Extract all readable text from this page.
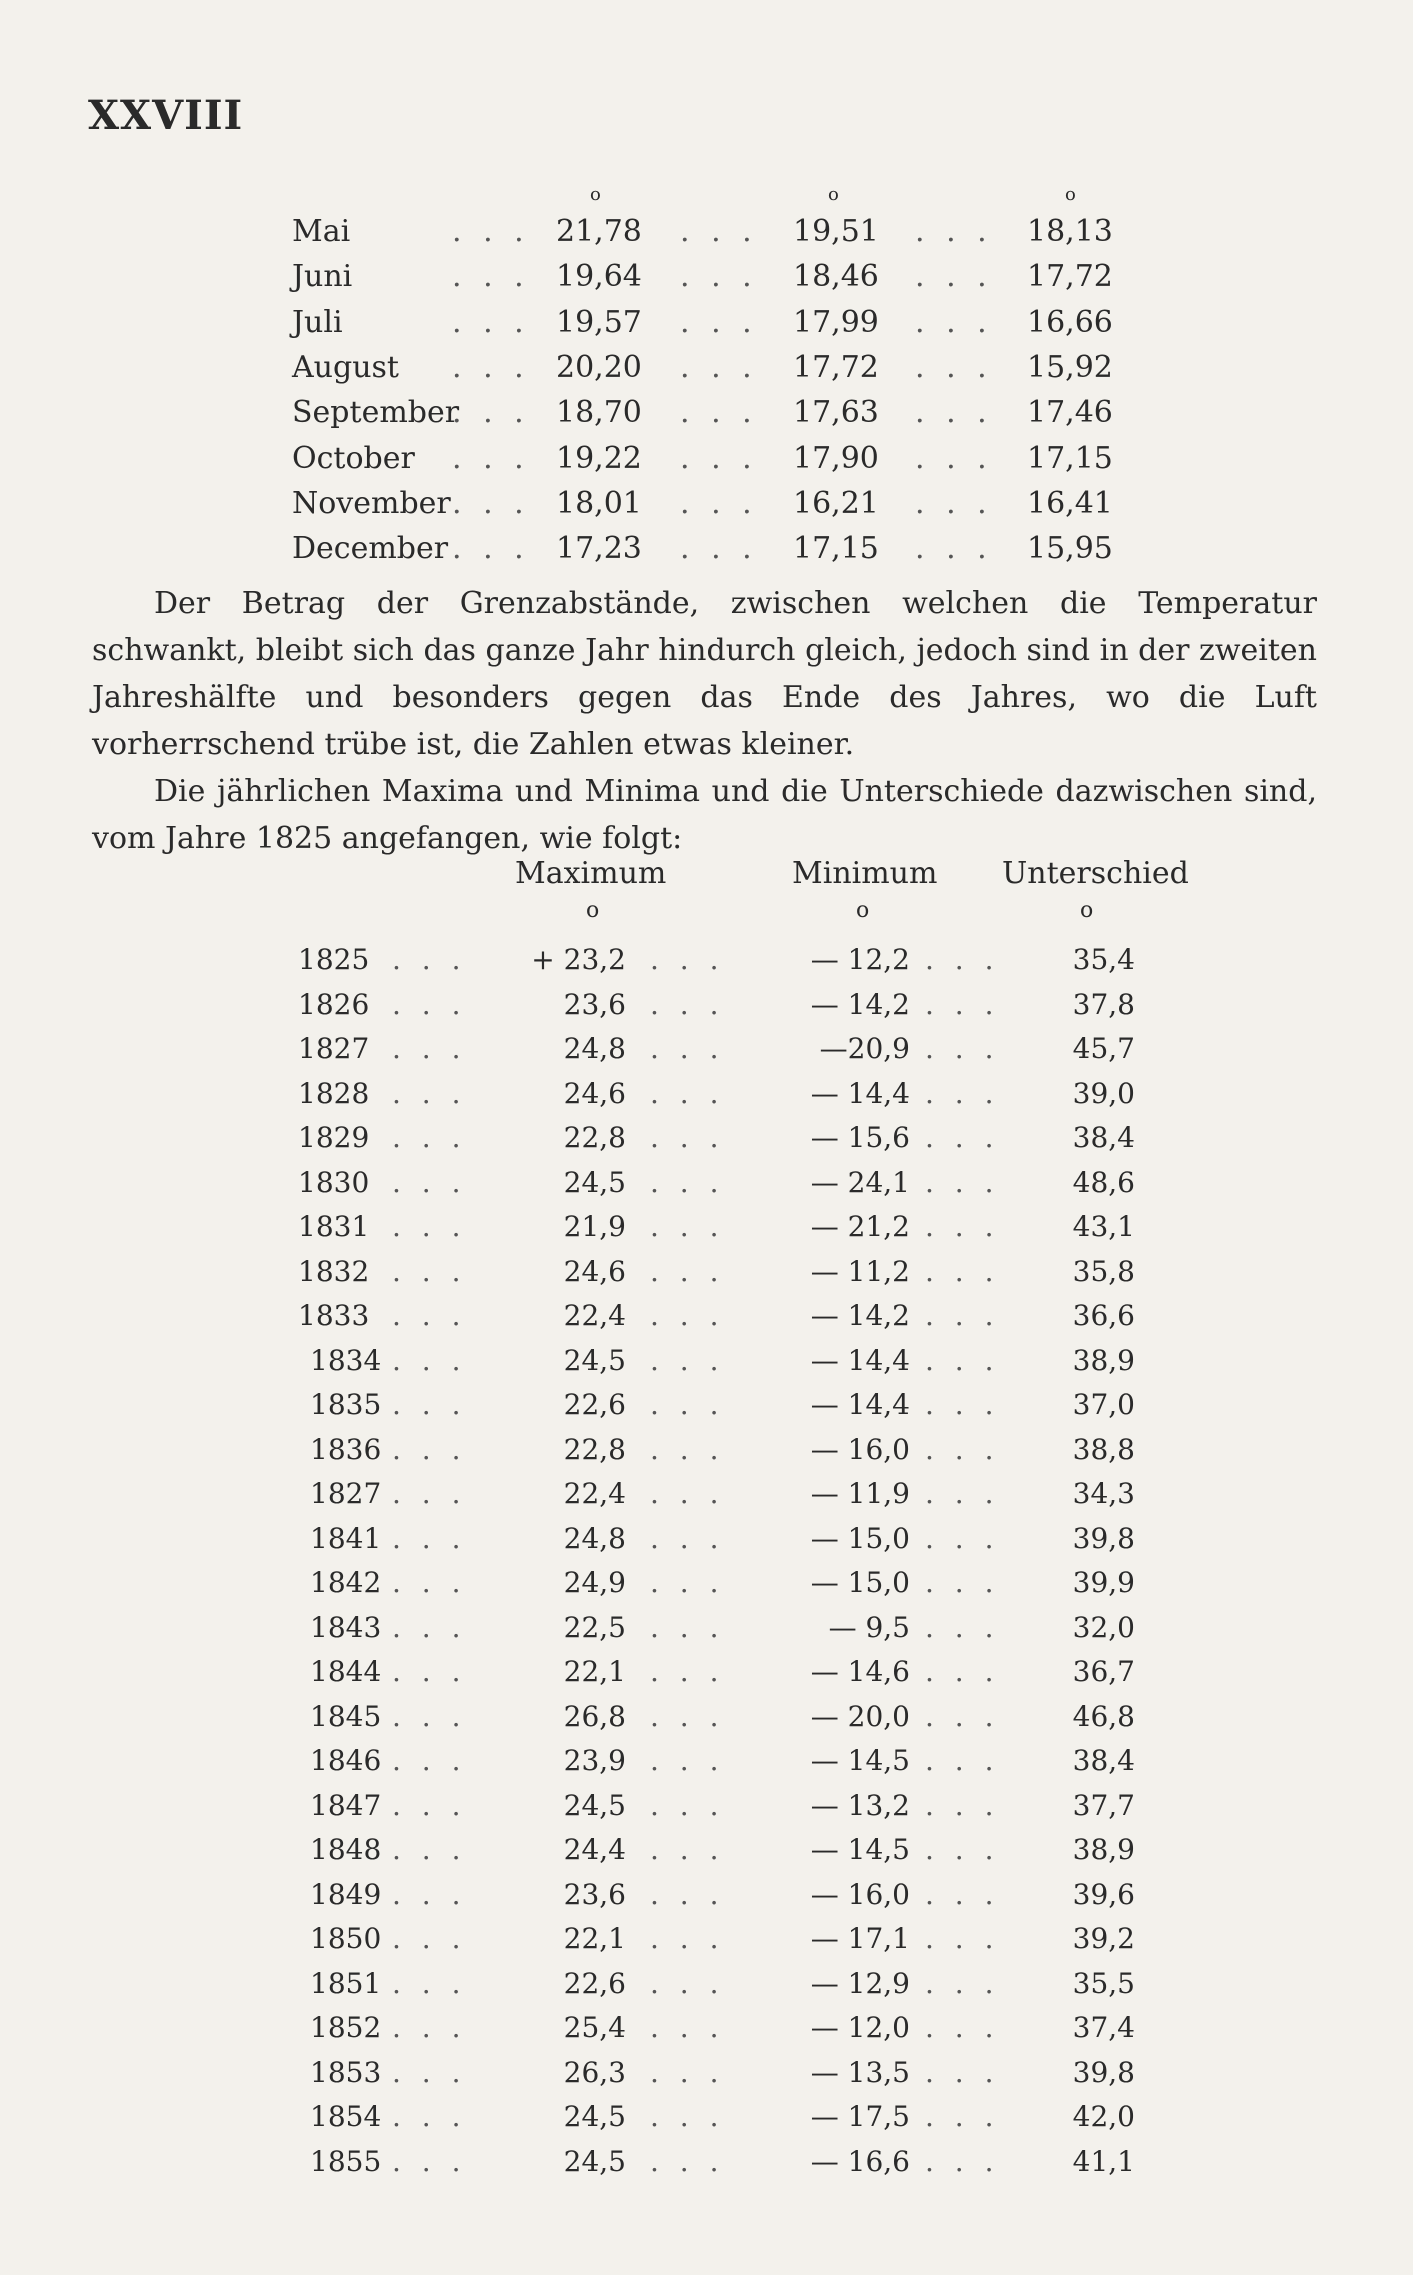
XXVIII
o	o	o
Mai	21,78	19,51	18,13
. . .	. . .	. . .
Juni	19,64	18,46	17,72
. . .	. . .	. . .
Juli	19,57	17,99	16,66
. . .	. . .	. . .
August	20,20	17,72	15,92
. . .	. . .	. . .
September	18,70	17,63	17,46
. . .	. . .	. . .
October	19,22	17,90	17,15
. . .	. . .	. . .
November	18,01	16,21	16,41
. . .	. . .	. . .
December	17,23	17,15	15,95
. . .	. . .	. . .

Der Betrag der Grenzabstände, zwischen welchen die Temperatur schwankt, bleibt sich das ganze Jahr hindurch gleich, jedoch sind in der zweiten Jahreshälfte und besonders gegen das Ende des Jahres, wo die Luft vorherrschend trübe ist, die Zahlen etwas kleiner.

Die jährlichen Maxima und Minima und die Unterschiede dazwischen sind, vom Jahre 1825 angefangen, wie folgt:

Maximum	Minimum Unterschied
o	o	o
1825	+ 23,2	— 12,2	35,4
. . .	. . .	. . .
1826	23,6	— 14,2	37,8
. . .	. . .	. . .
1827	24,8	—20,9	45,7
. . .	. . .	. . .
1828	24,6	— 14,4	39,0
. . .	. . .	. . .
1829	22,8	— 15,6	38,4
. . .	. . .	. . .
1830	24,5	— 24,1	48,6
. . .	. . .	. . .
1831	21,9	— 21,2	43,1
. . .	. . .	. . .
1832	24,6	— 11,2	35,8
. . .	. . .	. . .
1833	22,4	— 14,2	36,6
. . .	. . .	. . .
1834	24,5	— 14,4	38,9
. . .	. . .	. . .
1835	22,6	— 14,4	37,0
. . .	. . .	. . .
1836	22,8	— 16,0	38,8
. . .	. . .	. . .
1827	22,4	— 11,9	34,3
. . .	. . .	. . .
1841	24,8	— 15,0	39,8
. . .	. . .	. . .
1842	24,9	— 15,0	39,9
. . .	. . .	. . .
1843	22,5	— 9,5	32,0
. . .	. . .	. . .
1844	22,1	— 14,6	36,7
. . .	. . .	. . .
1845	26,8	— 20,0	46,8
. . .	. . .	. . .
1846	23,9	— 14,5	38,4
. . .	. . .	. . .
1847	24,5	— 13,2	37,7
. . .	. . .	. . .
1848	24,4	— 14,5	38,9
. . .	. . .	. . .
1849	23,6	— 16,0	39,6
. . .	. . .	. . .
1850	22,1	— 17,1	39,2
. . .	. . .	. . .
1851	22,6	— 12,9	35,5
. . .	. . .	. . .
1852	25,4	— 12,0	37,4
. . .	. . .	. . .
1853	26,3	— 13,5	39,8
. . .	. . .	. . .
1854	24,5	— 17,5	42,0
. . .	. . .	. . .
1855	24,5	— 16,6	41,1
. . .	. . .	. . .
